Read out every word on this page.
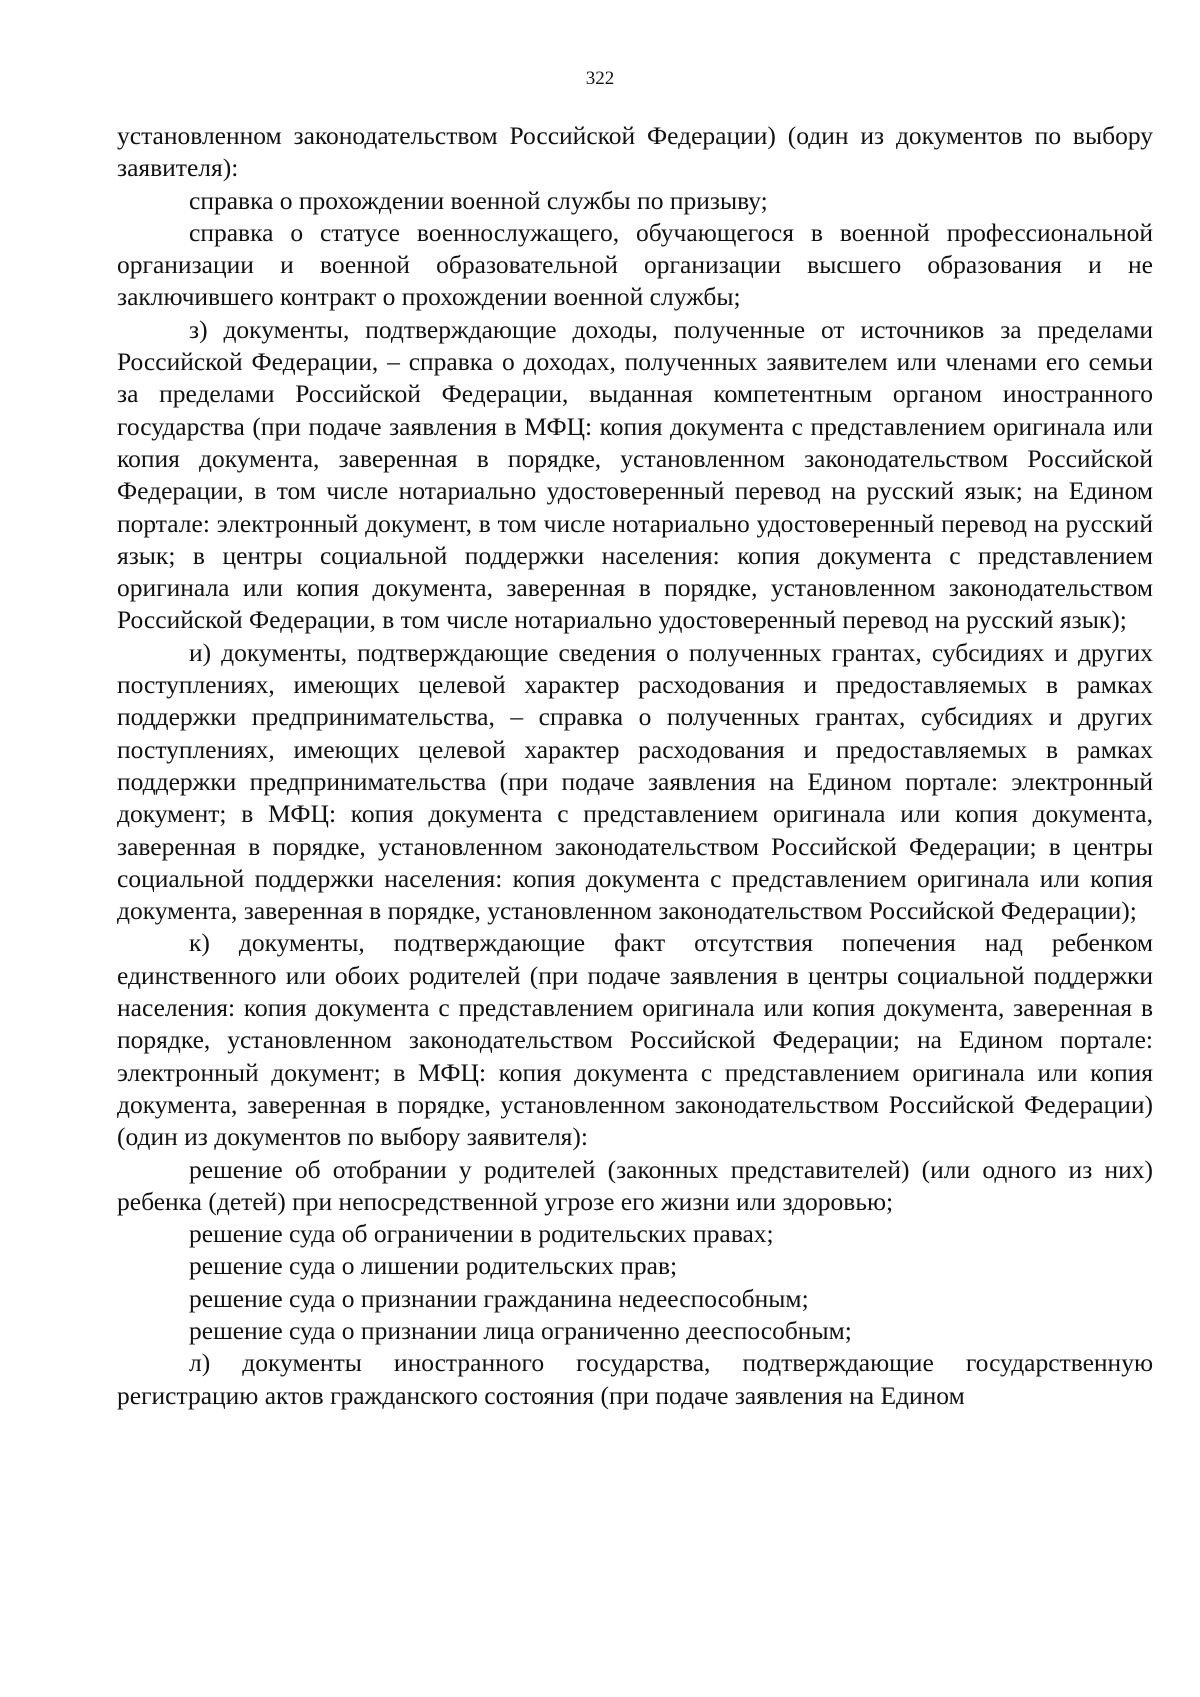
322

установленном законодательством Российской Федерации) (один из документов по выбору заявителя):

справка о прохождении военной службы по призыву;

справка о статусе военнослужащего, обучающегося в военной профессиональной организации и военной образовательной организации высшего образования и не заключившего контракт о прохождении военной службы;

з) документы, подтверждающие доходы, полученные от источников за пределами Российской Федерации, – справка о доходах, полученных заявителем или членами его семьи за пределами Российской Федерации, выданная компетентным органом иностранного государства (при подаче заявления в МФЦ: копия документа с представлением оригинала или копия документа, заверенная в порядке, установленном законодательством Российской Федерации, в том числе нотариально удостоверенный перевод на русский язык; на Едином портале: электронный документ, в том числе нотариально удостоверенный перевод на русский язык; в центры социальной поддержки населения: копия документа с представлением оригинала или копия документа, заверенная в порядке, установленном законодательством Российской Федерации, в том числе нотариально удостоверенный перевод на русский язык);

и) документы, подтверждающие сведения о полученных грантах, субсидиях и других поступлениях, имеющих целевой характер расходования и предоставляемых в рамках поддержки предпринимательства, – справка о полученных грантах, субсидиях и других поступлениях, имеющих целевой характер расходования и предоставляемых в рамках поддержки предпринимательства (при подаче заявления на Едином портале: электронный документ; в МФЦ: копия документа с представлением оригинала или копия документа, заверенная в порядке, установленном законодательством Российской Федерации; в центры социальной поддержки населения: копия документа с представлением оригинала или копия документа, заверенная в порядке, установленном законодательством Российской Федерации);

к) документы, подтверждающие факт отсутствия попечения над ребенком единственного или обоих родителей (при подаче заявления в центры социальной поддержки населения: копия документа с представлением оригинала или копия документа, заверенная в порядке, установленном законодательством Российской Федерации; на Едином портале: электронный документ; в МФЦ: копия документа с представлением оригинала или копия документа, заверенная в порядке, установленном законодательством Российской Федерации) (один из документов по выбору заявителя):

решение об отобрании у родителей (законных представителей) (или одного из них) ребенка (детей) при непосредственной угрозе его жизни или здоровью;

решение суда об ограничении в родительских правах;

решение суда о лишении родительских прав;

решение суда о признании гражданина недееспособным;

решение суда о признании лица ограниченно дееспособным;

л) документы иностранного государства, подтверждающие государственную регистрацию актов гражданского состояния (при подаче заявления на Едином
